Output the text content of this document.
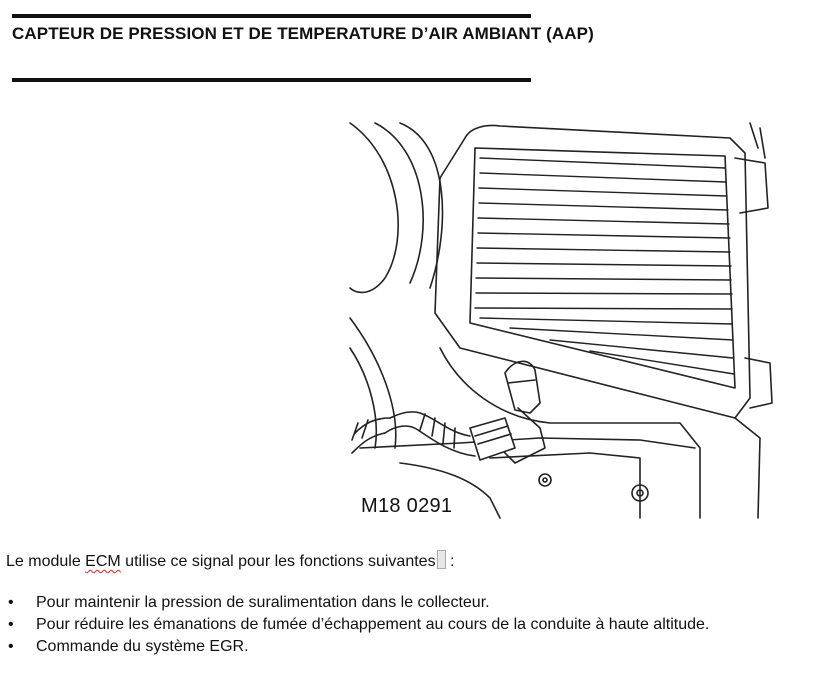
CAPTEUR DE PRESSION ET DE TEMPERATURE D’AIR AMBIANT (AAP)
M18 0291
Le module ECM utilise ce signal pour les fonctions suivantes :
• Pour maintenir la pression de suralimentation dans le collecteur.
• Pour réduire les émanations de fumée d’échappement au cours de la conduite à haute altitude.
• Commande du système EGR.
